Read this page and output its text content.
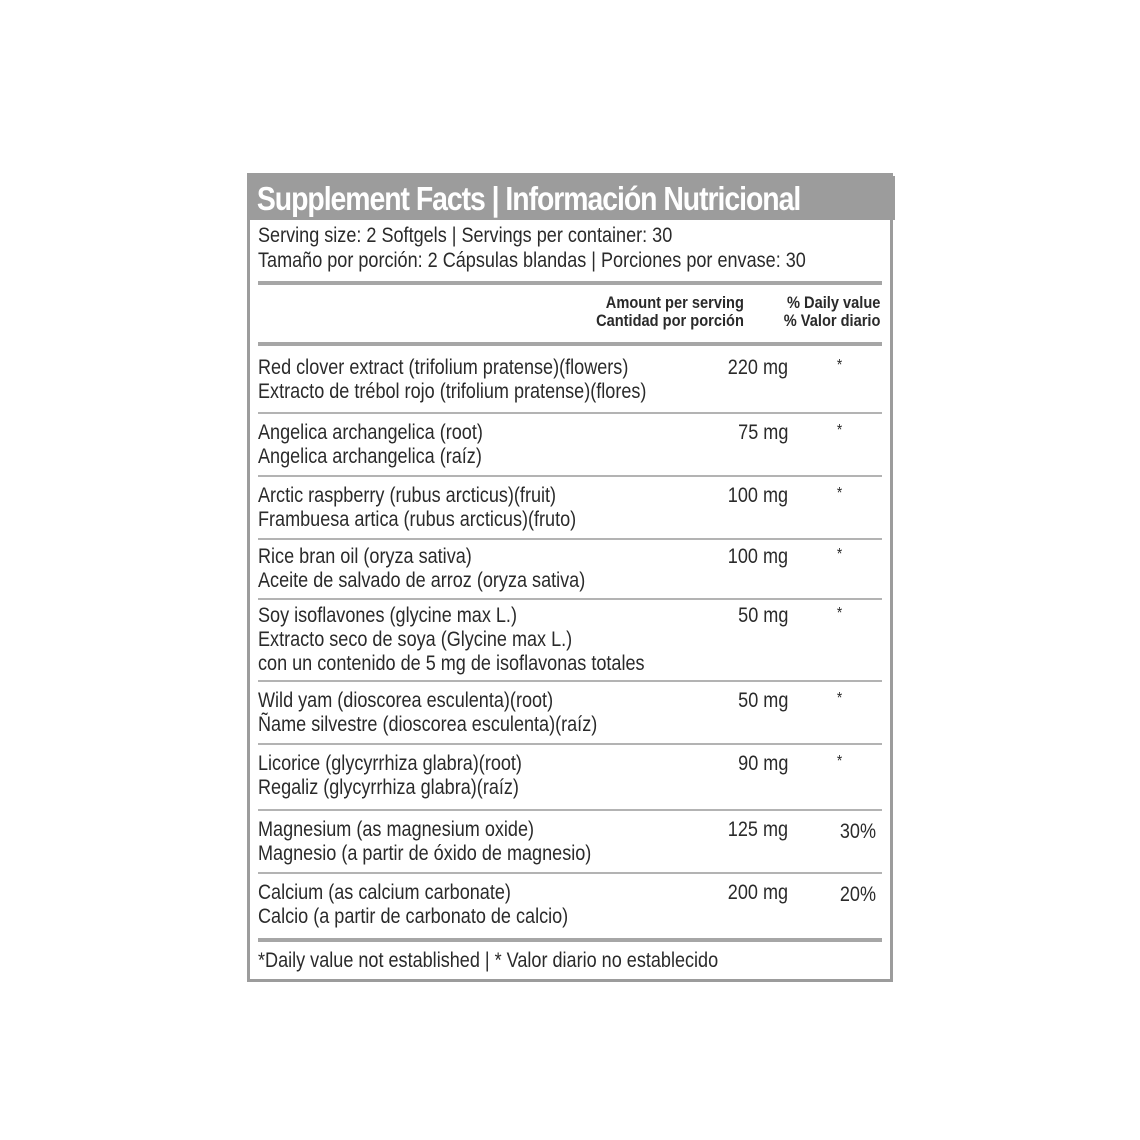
Supplement Facts | Información Nutricional
Serving size: 2 Softgels | Servings per container: 30
Tamaño por porción: 2 Cápsulas blandas | Porciones por envase: 30
Amount per serving
Cantidad por porción
% Daily value
% Valor diario
Red clover extract (trifolium pratense)(flowers)
Extracto de trébol rojo (trifolium pratense)(flores)
220 mg	*
Angelica archangelica (root)
Angelica archangelica (raíz)
75 mg	*
Arctic raspberry (rubus arcticus)(fruit)
Frambuesa artica (rubus arcticus)(fruto)
100 mg	*
Rice bran oil (oryza sativa)
Aceite de salvado de arroz (oryza sativa)
100 mg	*
Soy isoflavones (glycine max L.)
Extracto seco de soya (Glycine max L.)
con un contenido de 5 mg de isoflavonas totales
50 mg	*
Wild yam (dioscorea esculenta)(root)
Ñame silvestre (dioscorea esculenta)(raíz)
50 mg	*
Licorice (glycyrrhiza glabra)(root)
Regaliz (glycyrrhiza glabra)(raíz)
90 mg	*
Magnesium (as magnesium oxide)
Magnesio (a partir de óxido de magnesio)
125 mg	30%
Calcium (as calcium carbonate)
Calcio (a partir de carbonato de calcio)
200 mg	20%
*Daily value not established | * Valor diario no establecido
